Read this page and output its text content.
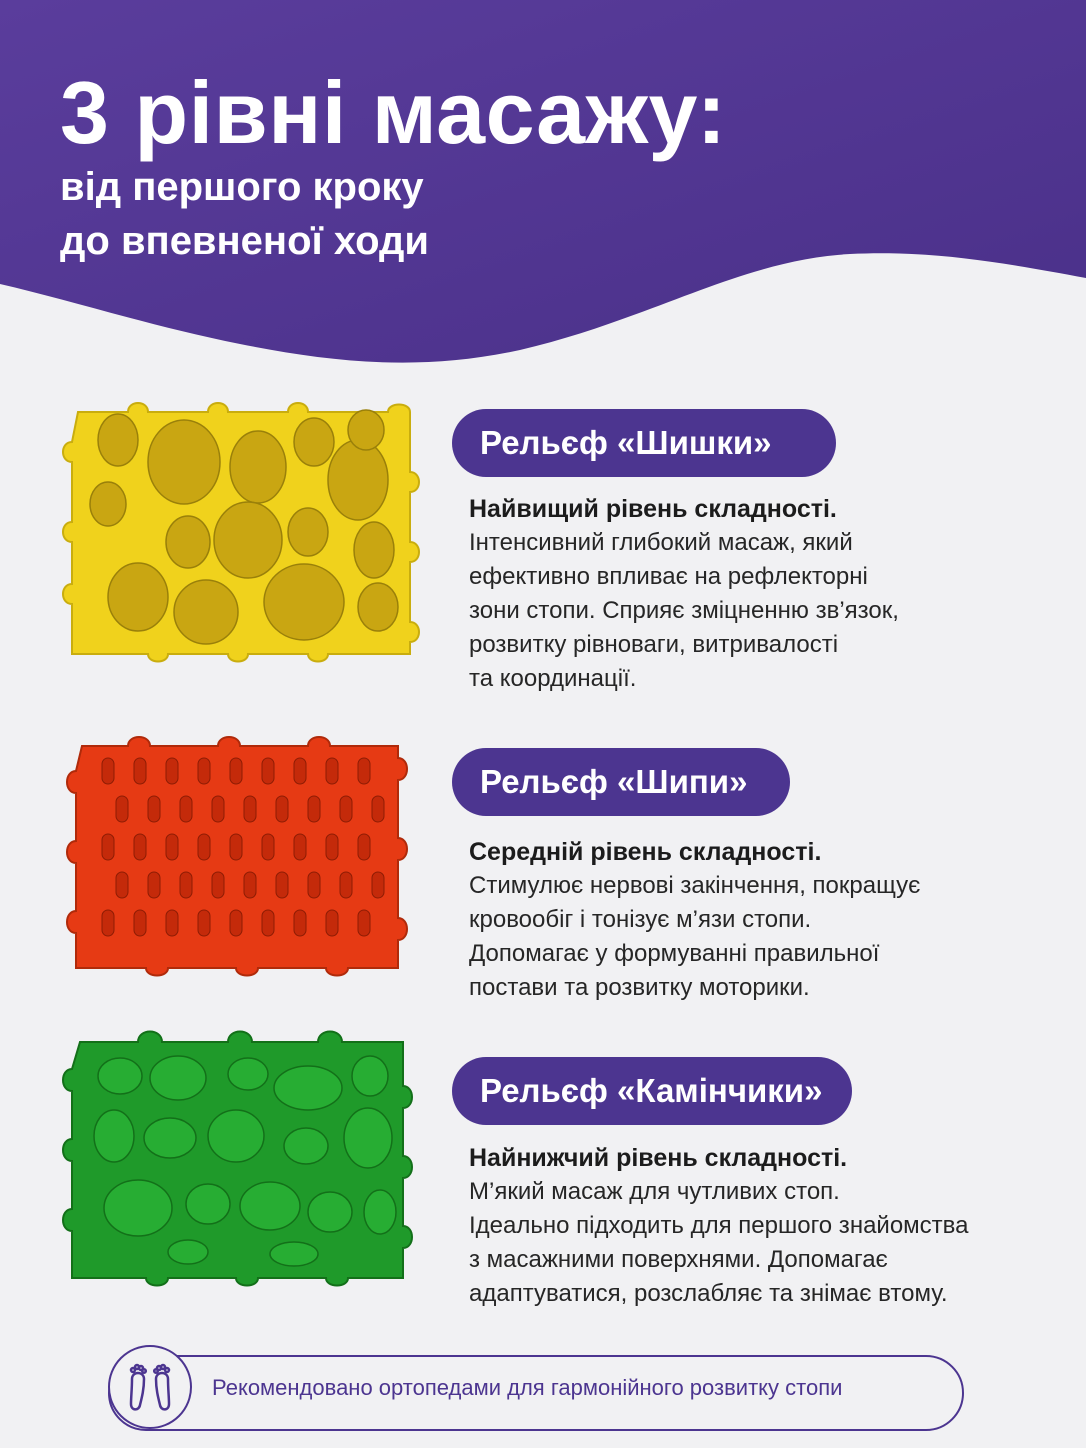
3 рівні масажу:
від першого кроку
до впевненої ходи
Рельєф «Шишки»
Найвищий рівень складності.
Інтенсивний глибокий масаж, який
ефективно впливає на рефлекторні
зони стопи. Сприяє зміцненню зв’язок,
розвитку рівноваги, витривалості
та координації.
Рельєф «Шипи»
Середній рівень складності.
Стимулює нервові закінчення, покращує
кровообіг і тонізує м’язи стопи.
Допомагає у формуванні правильної
постави та розвитку моторики.
Рельєф «Камінчики»
Найнижчий рівень складності.
М’який масаж для чутливих стоп.
Ідеально підходить для першого знайомства
з масажними поверхнями. Допомагає
адаптуватися, розслабляє та знімає втому.
Рекомендовано ортопедами для гармонійного розвитку стопи
